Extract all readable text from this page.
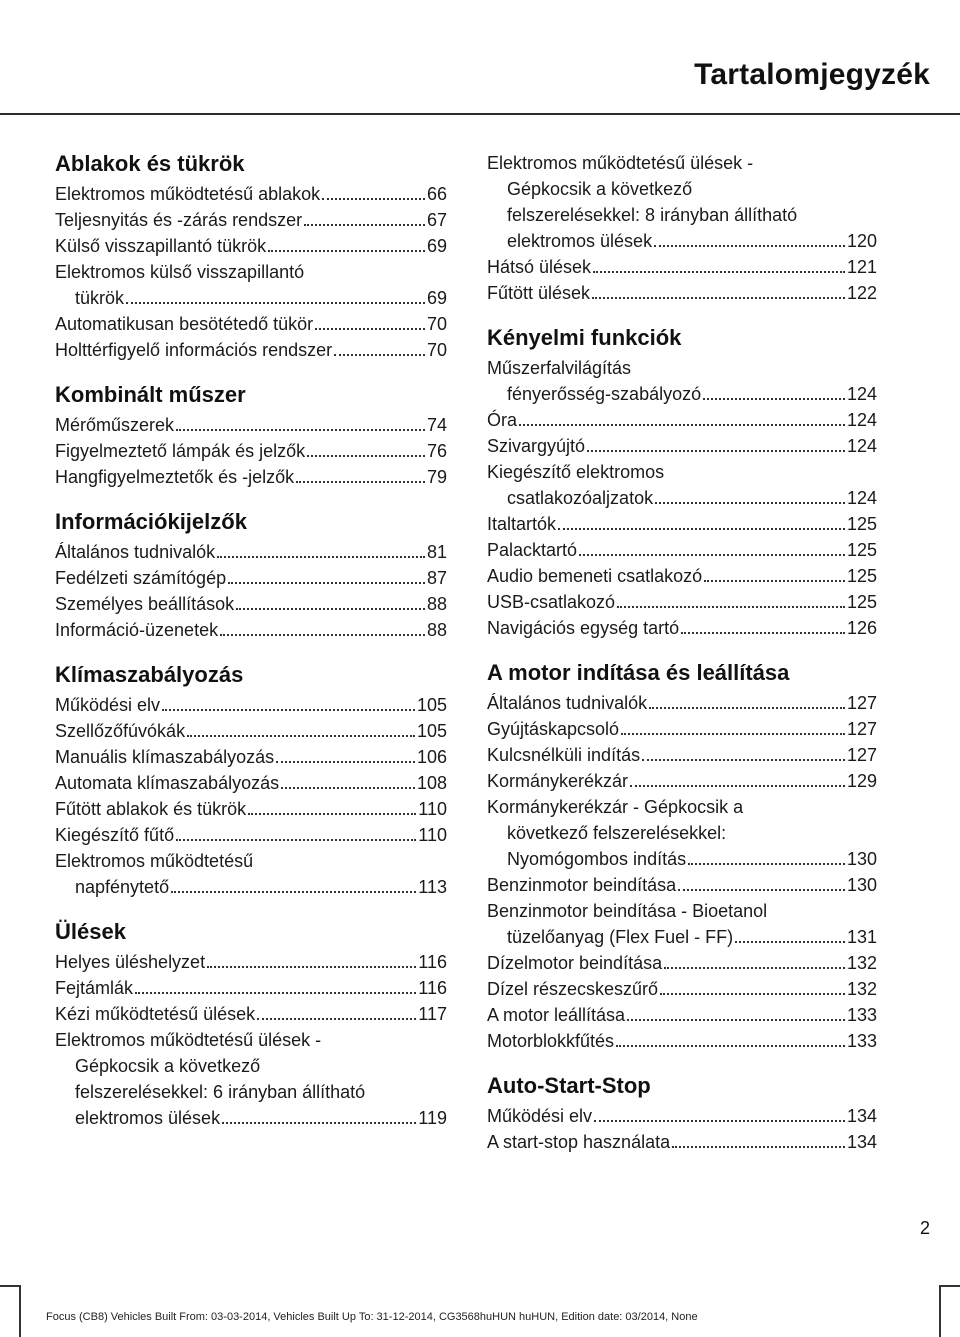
Tartalomjegyzék
Ablakok és tükrök
Elektromos működtetésű ablakok	66
Teljesnyitás és -zárás rendszer	67
Külső visszapillantó tükrök	69
Elektromos külső visszapillantó
tükrök	69
Automatikusan besötétedő tükör	70
Holttérfigyelő információs rendszer	70
Kombinált műszer
Mérőműszerek	74
Figyelmeztető lámpák és jelzők	76
Hangfigyelmeztetők és -jelzők	79
Információkijelzők
Általános tudnivalók	81
Fedélzeti számítógép	87
Személyes beállítások	88
Információ-üzenetek	88
Klímaszabályozás
Működési elv	105
Szellőzőfúvókák	105
Manuális klímaszabályozás	106
Automata klímaszabályozás	108
Fűtött ablakok és tükrök	110
Kiegészítő fűtő	110
Elektromos működtetésű
napfénytető	113
Ülések
Helyes üléshelyzet	116
Fejtámlák	116
Kézi működtetésű ülések	117
Elektromos működtetésű ülések -
Gépkocsik a következő
felszerelésekkel: 6 irányban állítható
elektromos ülések	119
Elektromos működtetésű ülések -
Gépkocsik a következő
felszerelésekkel: 8 irányban állítható
elektromos ülések	120
Hátsó ülések	121
Fűtött ülések	122
Kényelmi funkciók
Műszerfalvilágítás
fényerősség-szabályozó	124
Óra	124
Szivargyújtó	124
Kiegészítő elektromos
csatlakozóaljzatok	124
Italtartók	125
Palacktartó	125
Audio bemeneti csatlakozó	125
USB-csatlakozó	125
Navigációs egység tartó	126
A motor indítása és leállítása
Általános tudnivalók	127
Gyújtáskapcsoló	127
Kulcsnélküli indítás	127
Kormánykerékzár	129
Kormánykerékzár - Gépkocsik a
következő felszerelésekkel:
Nyomógombos indítás	130
Benzinmotor beindítása	130
Benzinmotor beindítása - Bioetanol
tüzelőanyag (Flex Fuel - FF)	131
Dízelmotor beindítása	132
Dízel részecskeszűrő	132
A motor leállítása	133
Motorblokkfűtés	133
Auto-Start-Stop
Működési elv	134
A start-stop használata	134
2
Focus (CB8) Vehicles Built From: 03-03-2014, Vehicles Built Up To: 31-12-2014, CG3568huHUN huHUN, Edition date: 03/2014, None
